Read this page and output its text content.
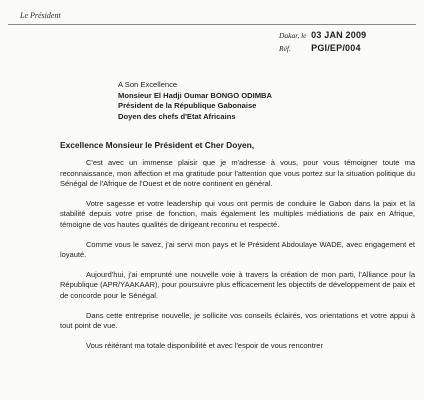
Le Président
Dakar, le 03 JAN 2009
Réf. PGI/EP/004
A Son Excellence
Monsieur El Hadji Oumar BONGO ODIMBA
Président de la République Gabonaise
Doyen des chefs d'Etat Africains
Excellence Monsieur le Président et Cher Doyen,

C'est avec un immense plaisir que je m'adresse à vous, pour vous témoigner toute ma reconnaissance, mon affection et ma gratitude pour l'attention que vous portez sur la situation politique du Sénégal de l'Afrique de l'Ouest et de notre continent en général.

Votre sagesse et votre leadership qui vous ont permis de conduire le Gabon dans la paix et la stabilité depuis votre prise de fonction, mais également les multiples médiations de paix en Afrique, témoigne de vos hautes qualités de dirigeant reconnu et respecté.

Comme vous le savez, j'ai servi mon pays et le Président Abdoulaye WADE, avec engagement et loyauté.

Aujourd'hui, j'ai emprunté une nouvelle voie à travers la création de mon parti, l'Alliance pour la République (APR/YAAKAAR), pour poursuivre plus efficacement les objectifs de développement de paix et de concorde pour le Sénégal.

Dans cette entreprise nouvelle, je sollicite vos conseils éclairés, vos orientations et votre appui à tout point de vue.

Vous réitérant ma totale disponibilité et avec l'espoir de vous rencontrer
